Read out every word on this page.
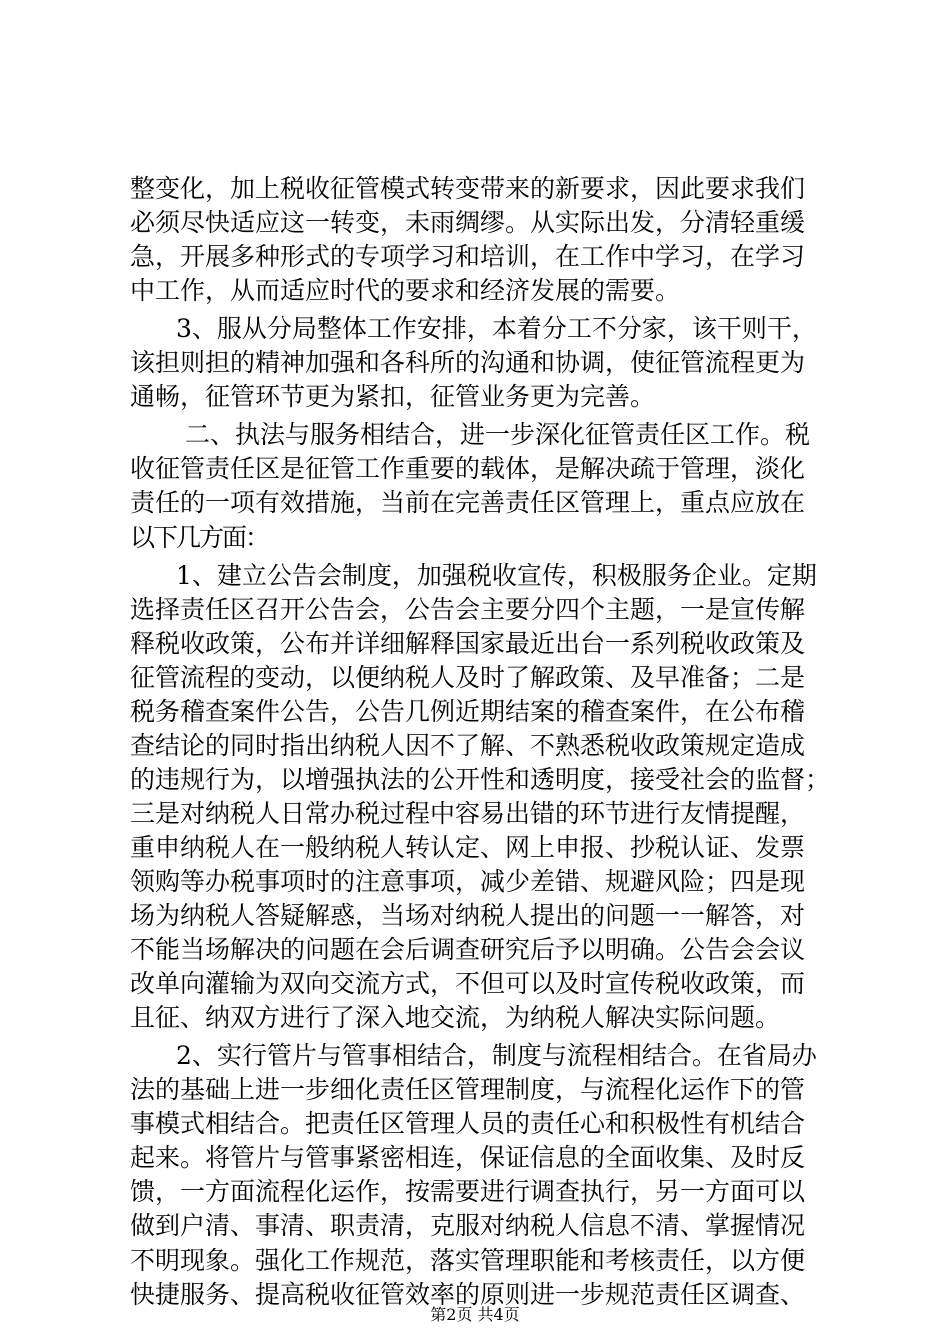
整变化，加上税收征管模式转变带来的新要求，因此要求我们
必须尽快适应这一转变，未雨绸缪。从实际出发，分清轻重缓
急，开展多种形式的专项学习和培训，在工作中学习，在学习
中工作，从而适应时代的要求和经济发展的需要。
3、服从分局整体工作安排，本着分工不分家，该干则干，
该担则担的精神加强和各科所的沟通和协调，使征管流程更为
通畅，征管环节更为紧扣，征管业务更为完善。
二、执法与服务相结合，进一步深化征管责任区工作。税
收征管责任区是征管工作重要的载体，是解决疏于管理，淡化
责任的一项有效措施，当前在完善责任区管理上，重点应放在
以下几方面：
1、建立公告会制度，加强税收宣传，积极服务企业。定期
选择责任区召开公告会，公告会主要分四个主题，一是宣传解
释税收政策，公布并详细解释国家最近出台一系列税收政策及
征管流程的变动，以便纳税人及时了解政策、及早准备；二是
税务稽查案件公告，公告几例近期结案的稽查案件，在公布稽
查结论的同时指出纳税人因不了解、不熟悉税收政策规定造成
的违规行为，以增强执法的公开性和透明度，接受社会的监督；
三是对纳税人日常办税过程中容易出错的环节进行友情提醒，
重申纳税人在一般纳税人转认定、网上申报、抄税认证、发票
领购等办税事项时的注意事项，减少差错、规避风险；四是现
场为纳税人答疑解惑，当场对纳税人提出的问题一一解答，对
不能当场解决的问题在会后调查研究后予以明确。公告会会议
改单向灌输为双向交流方式，不但可以及时宣传税收政策，而
且征、纳双方进行了深入地交流，为纳税人解决实际问题。
2、实行管片与管事相结合，制度与流程相结合。在省局办
法的基础上进一步细化责任区管理制度，与流程化运作下的管
事模式相结合。把责任区管理人员的责任心和积极性有机结合
起来。将管片与管事紧密相连，保证信息的全面收集、及时反
馈，一方面流程化运作，按需要进行调查执行，另一方面可以
做到户清、事清、职责清，克服对纳税人信息不清、掌握情况
不明现象。强化工作规范，落实管理职能和考核责任，以方便
快捷服务、提高税收征管效率的原则进一步规范责任区调查、
第2页 共4页
